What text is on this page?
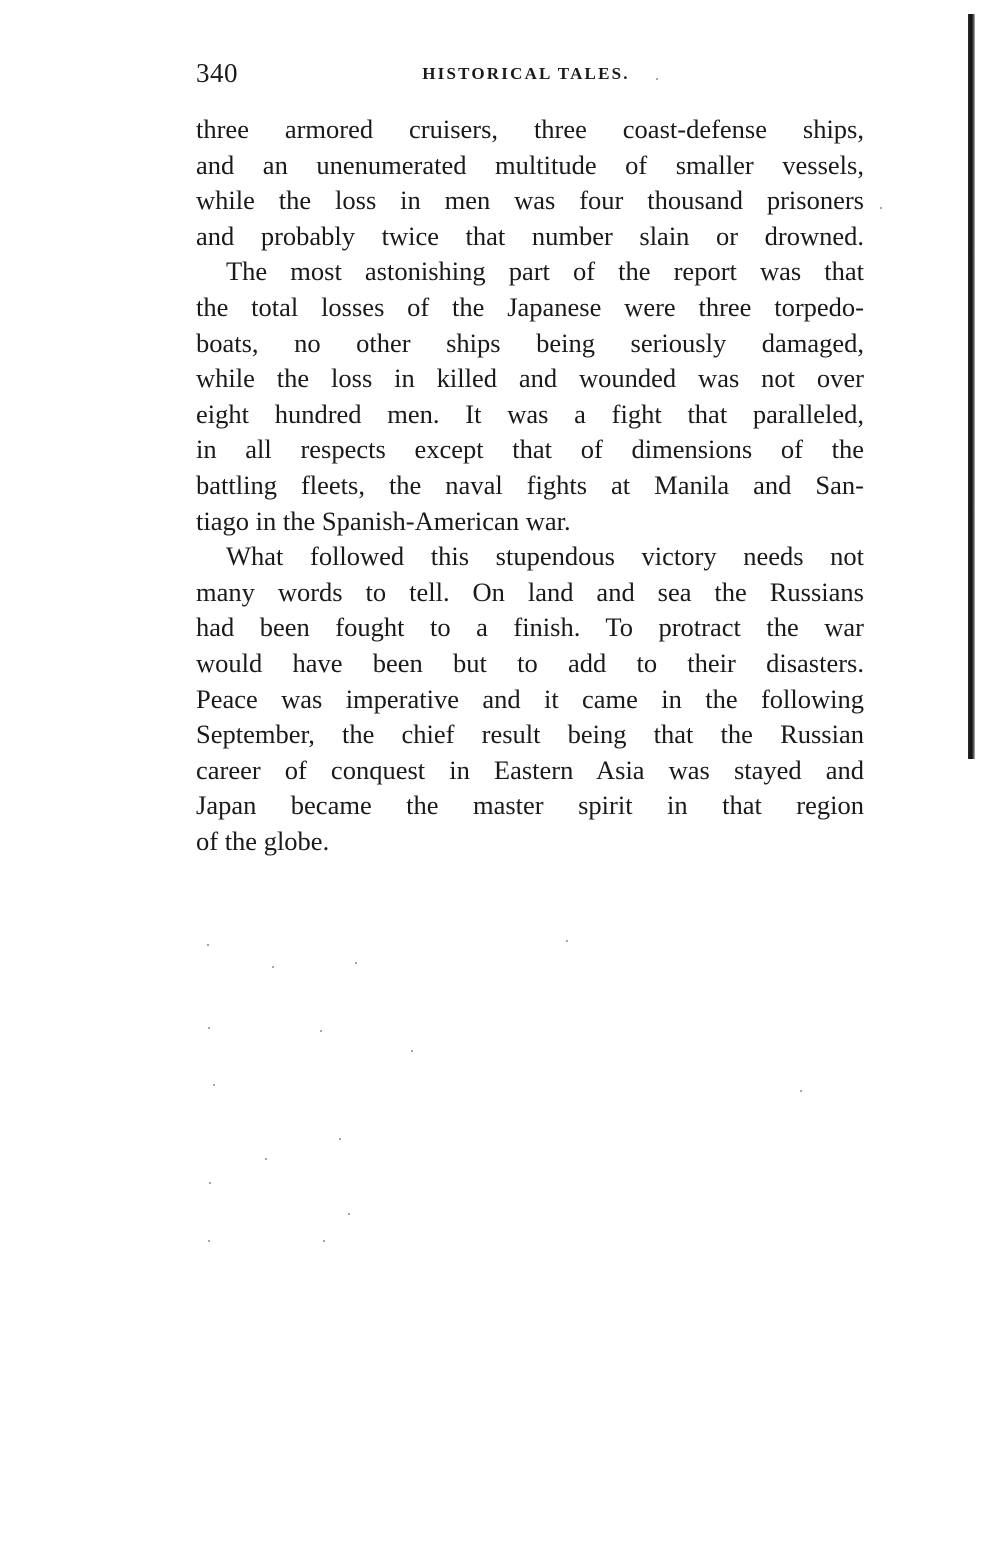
340	HISTORICAL TALES.
three armored cruisers, three coast-defense ships,
and an unenumerated multitude of smaller vessels,
while the loss in men was four thousand prisoners
and probably twice that number slain or drowned.
The most astonishing part of the report was that
the total losses of the Japanese were three torpedo-
boats, no other ships being seriously damaged,
while the loss in killed and wounded was not over
eight hundred men. It was a fight that paralleled,
in all respects except that of dimensions of the
battling fleets, the naval fights at Manila and San-
tiago in the Spanish-American war.
What followed this stupendous victory needs not
many words to tell. On land and sea the Russians
had been fought to a finish. To protract the war
would have been but to add to their disasters.
Peace was imperative and it came in the following
September, the chief result being that the Russian
career of conquest in Eastern Asia was stayed and
Japan became the master spirit in that region
of the globe.
